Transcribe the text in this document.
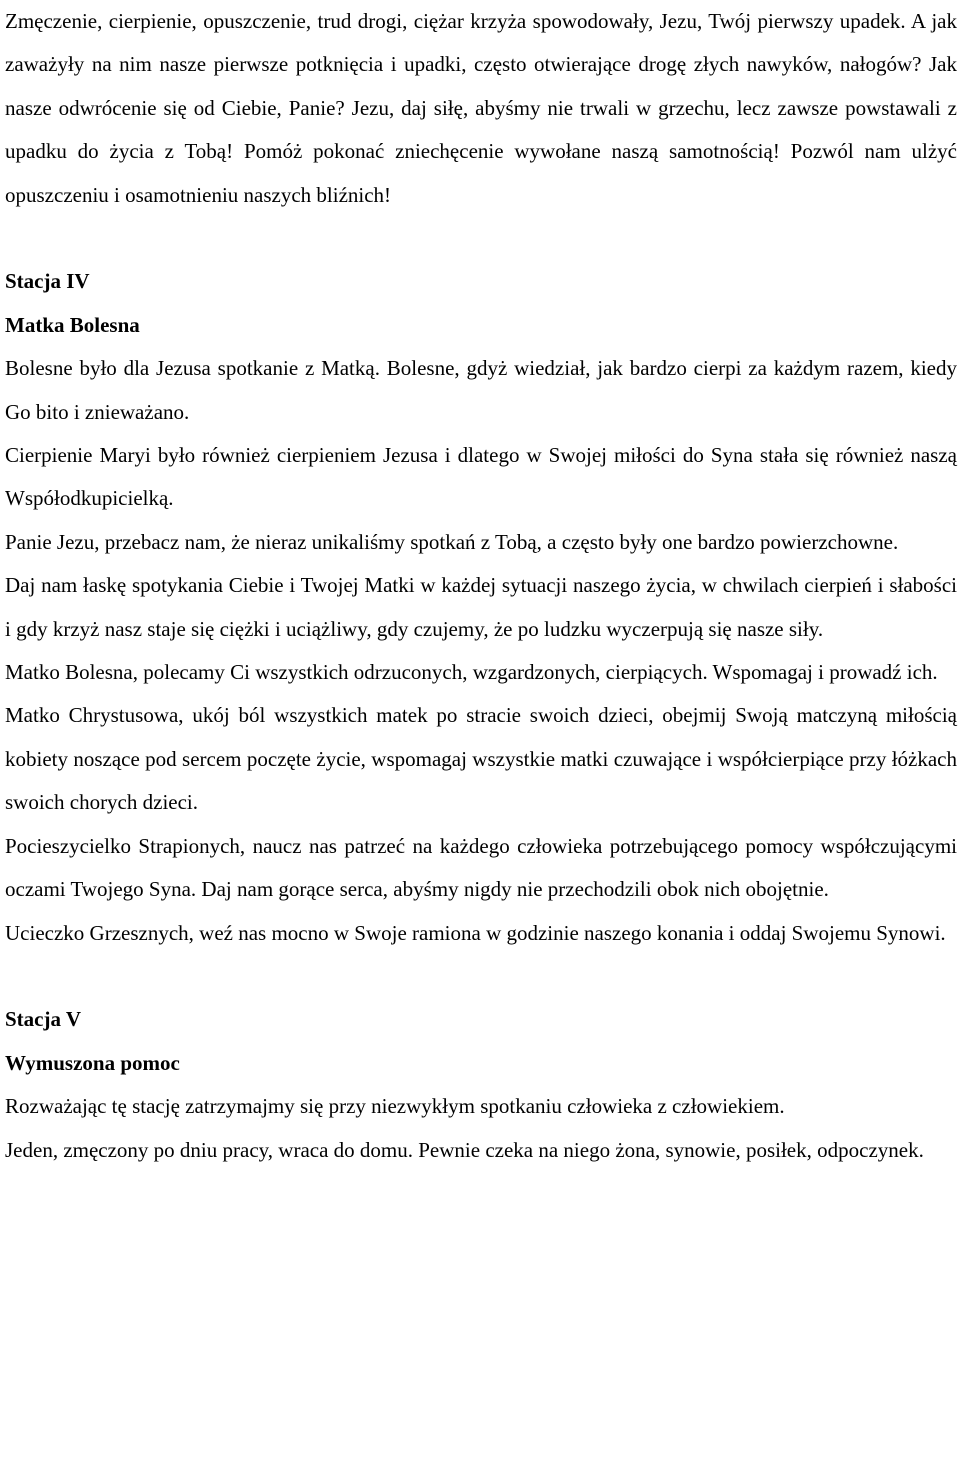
Zmęczenie, cierpienie, opuszczenie, trud drogi, ciężar krzyża spowodowały, Jezu, Twój pierwszy upadek. A jak zaważyły na nim nasze pierwsze potknięcia i upadki, często otwierające drogę złych nawyków, nałogów? Jak nasze odwrócenie się od Ciebie, Panie? Jezu, daj siłę, abyśmy nie trwali w grzechu, lecz zawsze powstawali z upadku do życia z Tobą! Pomóż pokonać zniechęcenie wywołane naszą samotnością! Pozwól nam ulżyć opuszczeniu i osamotnieniu naszych bliźnich!

Stacja IV

Matka Bolesna

Bolesne było dla Jezusa spotkanie z Matką. Bolesne, gdyż wiedział, jak bardzo cierpi za każdym razem, kiedy Go bito i znieważano.

Cierpienie Maryi było również cierpieniem Jezusa i dlatego w Swojej miłości do Syna stała się również naszą Współodkupicielką.

Panie Jezu, przebacz nam, że nieraz unikaliśmy spotkań z Tobą, a często były one bardzo powierzchowne.

Daj nam łaskę spotykania Ciebie i Twojej Matki w każdej sytuacji naszego życia, w chwilach cierpień i słabości i gdy krzyż nasz staje się ciężki i uciążliwy, gdy czujemy, że po ludzku wyczerpują się nasze siły.

Matko Bolesna, polecamy Ci wszystkich odrzuconych, wzgardzonych, cierpiących. Wspomagaj i prowadź ich.

Matko Chrystusowa, ukój ból wszystkich matek po stracie swoich dzieci, obejmij Swoją matczyną miłością kobiety noszące pod sercem poczęte życie, wspomagaj wszystkie matki czuwające i współcierpiące przy łóżkach swoich chorych dzieci.

Pocieszycielko Strapionych, naucz nas patrzeć na każdego człowieka potrzebującego pomocy współczującymi oczami Twojego Syna. Daj nam gorące serca, abyśmy nigdy nie przechodzili obok nich obojętnie.

Ucieczko Grzesznych, weź nas mocno w Swoje ramiona w godzinie naszego konania i oddaj Swojemu Synowi.

Stacja V

Wymuszona pomoc

Rozważając tę stację zatrzymajmy się przy niezwykłym spotkaniu człowieka z człowiekiem.

Jeden, zmęczony po dniu pracy, wraca do domu. Pewnie czeka na niego żona, synowie, posiłek, odpoczynek.
